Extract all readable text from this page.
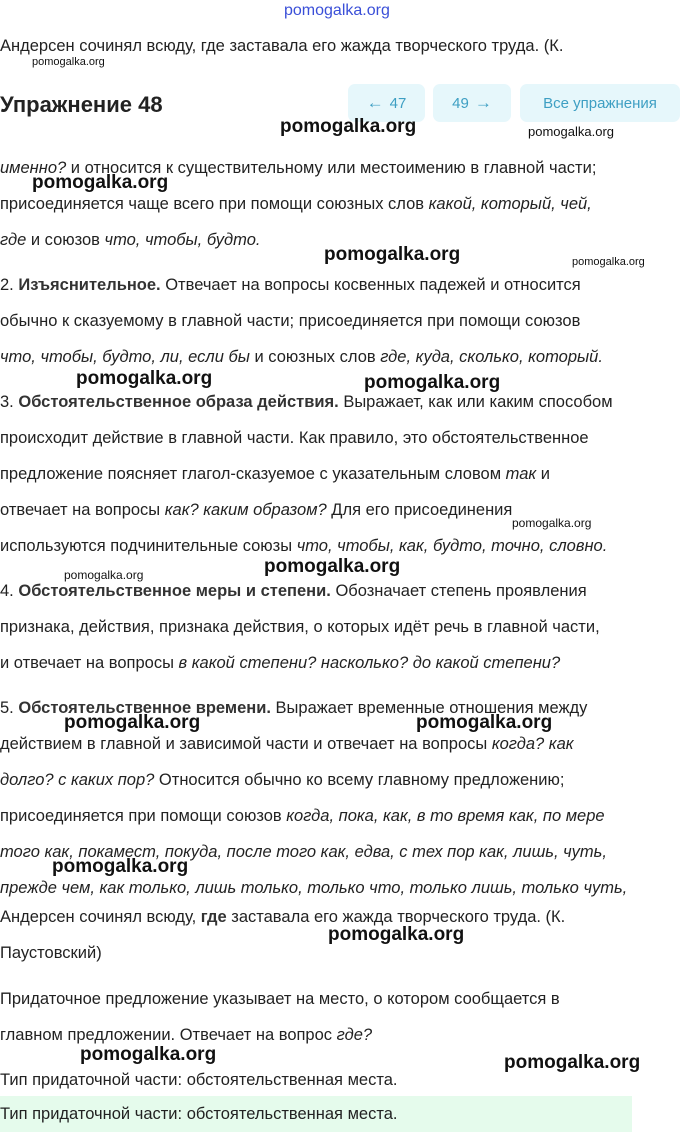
pomogalka.org
Андерсен сочинял всюду, где заставала его жажда творческого труда. (К.
pomogalka.org
Упражнение 48	← 47	49 →	Все упражнения
pomogalka.org	pomogalka.org
именно? и относится к существительному или местоимению в главной части;
pomogalka.org
присоединяется чаще всего при помощи союзных слов какой, который, чей,
где и союзов что, чтобы, будто.
pomogalka.org	pomogalka.org
2. Изъяснительное. Отвечает на вопросы косвенных падежей и относится
обычно к сказуемому в главной части; присоединяется при помощи союзов
что, чтобы, будто, ли, если бы и союзных слов где, куда, сколько, который.
pomogalka.org	pomogalka.org
3. Обстоятельственное образа действия. Выражает, как или каким способом
происходит действие в главной части. Как правило, это обстоятельственное
предложение поясняет глагол-сказуемое с указательным словом так и
отвечает на вопросы как? каким образом? Для его присоединения
pomogalka.org
используются подчинительные союзы что, чтобы, как, будто, точно, словно.
pomogalka.org
pomogalka.org
4. Обстоятельственное меры и степени. Обозначает степень проявления
признака, действия, признака действия, о которых идёт речь в главной части,
и отвечает на вопросы в какой степени? насколько? до какой степени?
5. Обстоятельственное времени. Выражает временные отношения между
pomogalka.org	pomogalka.org
действием в главной и зависимой части и отвечает на вопросы когда? как
долго? с каких пор? Относится обычно ко всему главному предложению;
присоединяется при помощи союзов когда, пока, как, в то время как, по мере
того как, покамест, покуда, после того как, едва, с тех пор как, лишь, чуть,
pomogalka.org
прежде чем, как только, лишь только, только что, только лишь, только чуть,
Андерсен сочинял всюду, где заставала его жажда творческого труда. (К.
pomogalka.org
Паустовский)
Придаточное предложение указывает на место, о котором сообщается в
главном предложении. Отвечает на вопрос где?
pomogalka.org	pomogalka.org
Тип придаточной части: обстоятельственная места.
Тип придаточной части: обстоятельственная места.
